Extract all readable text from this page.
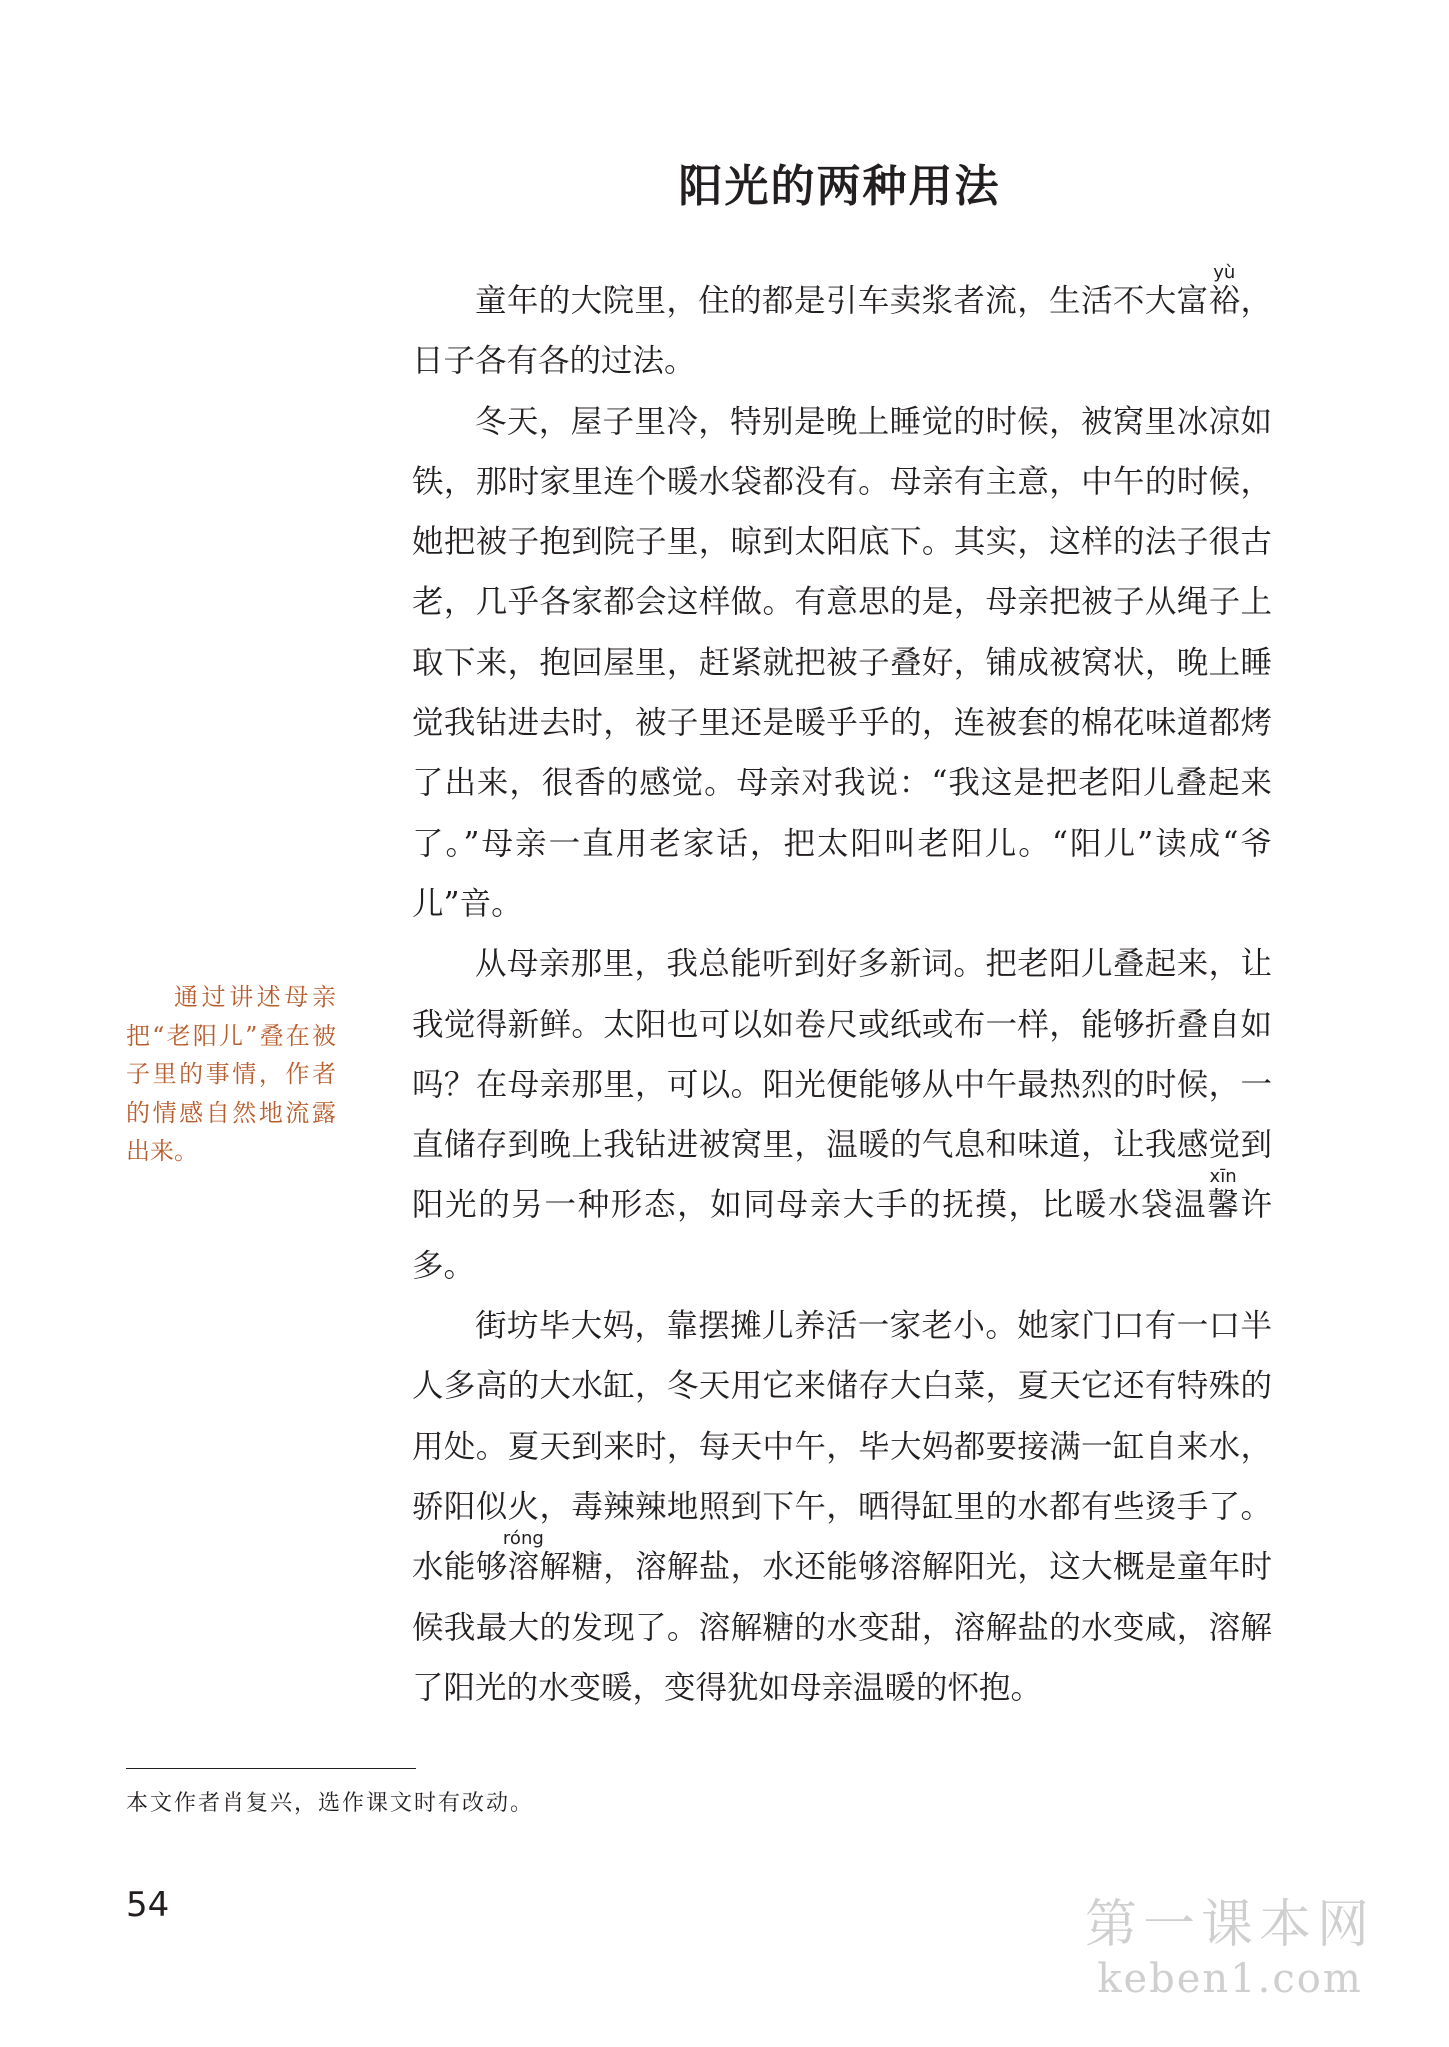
阳光的两种用法

童年的大院里，住的都是引车卖浆者流，生活不大富裕yù，日子各有各的过法。

冬天，屋子里冷，特别是晚上睡觉的时候，被窝里冰凉如铁，那时家里连个暖水袋都没有。母亲有主意，中午的时候，她把被子抱到院子里，晾到太阳底下。其实，这样的法子很古老，几乎各家都会这样做。有意思的是，母亲把被子从绳子上取下来，抱回屋里，赶紧就把被子叠好，铺成被窝状，晚上睡觉我钻进去时，被子里还是暖乎乎的，连被套的棉花味道都烤了出来，很香的感觉。母亲对我说：“我这是把老阳儿叠起来了。”母亲一直用老家话，把太阳叫老阳儿。“阳儿”读成“爷儿”音。

从母亲那里，我总能听到好多新词。把老阳儿叠起来，让我觉得新鲜。太阳也可以如卷尺或纸或布一样，能够折叠自如吗？在母亲那里，可以。阳光便能够从中午最热烈的时候，一直储存到晚上我钻进被窝里，温暖的气息和味道，让我感觉到阳光的另一种形态，如同母亲大手的抚摸，比暖水袋温馨xīn许多。

街坊毕大妈，靠摆摊儿养活一家老小。她家门口有一口半人多高的大水缸，冬天用它来储存大白菜，夏天它还有特殊的用处。夏天到来时，每天中午，毕大妈都要接满一缸自来水，骄阳似火，毒辣辣地照到下午，晒得缸里的水都有些烫手了。水能够溶róng解糖，溶解盐，水还能够溶解阳光，这大概是童年时候我最大的发现了。溶解糖的水变甜，溶解盐的水变咸，溶解了阳光的水变暖，变得犹如母亲温暖的怀抱。

通过讲述母亲把“老阳儿”叠在被子里的事情，作者的情感自然地流露出来。

本文作者肖复兴，选作课文时有改动。

54	第一课本网
keben1.com
